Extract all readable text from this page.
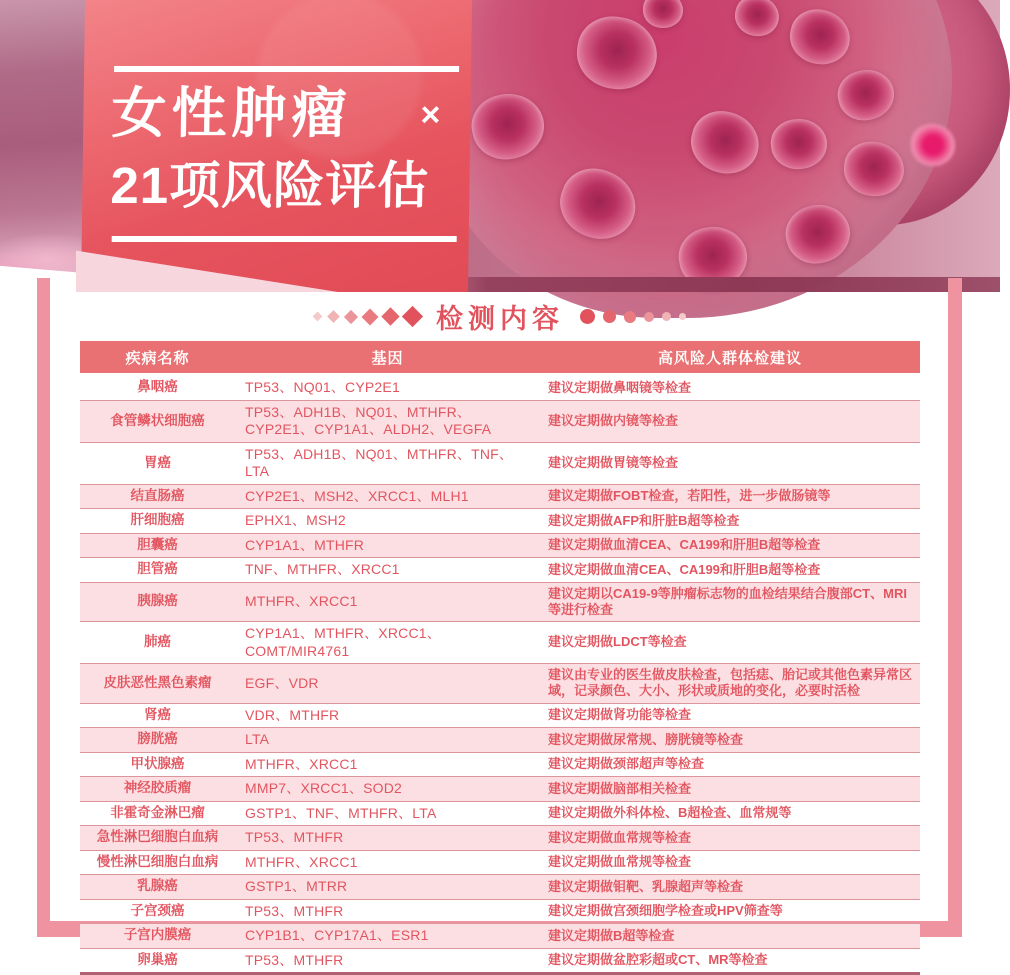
女性肿瘤 ×
21项风险评估
检测内容
疾病名称	基因	高风险人群体检建议
鼻咽癌	TP53、NQ01、CYP2E1	建议定期做鼻咽镜等检查
食管鳞状细胞癌	TP53、ADH1B、NQ01、MTHFR、CYP2E1、CYP1A1、ALDH2、VEGFA	建议定期做内镜等检查
胃癌	TP53、ADH1B、NQ01、MTHFR、TNF、LTA	建议定期做胃镜等检查
结直肠癌	CYP2E1、MSH2、XRCC1、MLH1	建议定期做FOBT检查，若阳性，进一步做肠镜等
肝细胞癌	EPHX1、MSH2	建议定期做AFP和肝脏B超等检查
胆囊癌	CYP1A1、MTHFR	建议定期做血清CEA、CA199和肝胆B超等检查
胆管癌	TNF、MTHFR、XRCC1	建议定期做血清CEA、CA199和肝胆B超等检查
胰腺癌	MTHFR、XRCC1	建议定期以CA19-9等肿瘤标志物的血检结果结合腹部CT、MRI等进行检查
肺癌	CYP1A1、MTHFR、XRCC1、COMT/MIR4761	建议定期做LDCT等检查
皮肤恶性黑色素瘤	EGF、VDR	建议由专业的医生做皮肤检查，包括痣、胎记或其他色素异常区域，记录颜色、大小、形状或质地的变化，必要时活检
肾癌	VDR、MTHFR	建议定期做肾功能等检查
膀胱癌	LTA	建议定期做尿常规、膀胱镜等检查
甲状腺癌	MTHFR、XRCC1	建议定期做颈部超声等检查
神经胶质瘤	MMP7、XRCC1、SOD2	建议定期做脑部相关检查
非霍奇金淋巴瘤	GSTP1、TNF、MTHFR、LTA	建议定期做外科体检、B超检查、血常规等
急性淋巴细胞白血病	TP53、MTHFR	建议定期做血常规等检查
慢性淋巴细胞白血病	MTHFR、XRCC1	建议定期做血常规等检查
乳腺癌	GSTP1、MTRR	建议定期做钼靶、乳腺超声等检查
子宫颈癌	TP53、MTHFR	建议定期做宫颈细胞学检查或HPV筛查等
子宫内膜癌	CYP1B1、CYP17A1、ESR1	建议定期做B超等检查
卵巢癌	TP53、MTHFR	建议定期做盆腔彩超或CT、MR等检查
